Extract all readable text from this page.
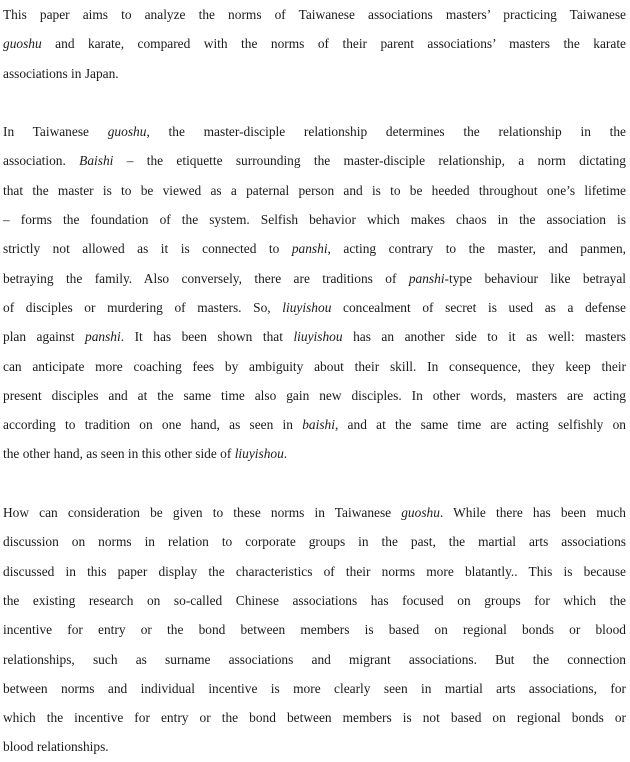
This paper aims to analyze the norms of Taiwanese associations masters’ practicing Taiwanese
guoshu and karate, compared with the norms of their parent associations’ masters the karate
associations in Japan.
In Taiwanese guoshu, the master-disciple relationship determines the relationship in the
association. Baishi – the etiquette surrounding the master-disciple relationship, a norm dictating
that the master is to be viewed as a paternal person and is to be heeded throughout one’s lifetime
– forms the foundation of the system. Selfish behavior which makes chaos in the association is
strictly not allowed as it is connected to panshi, acting contrary to the master, and panmen,
betraying the family. Also conversely, there are traditions of panshi-type behaviour like betrayal
of disciples or murdering of masters. So, liuyishou concealment of secret is used as a defense
plan against panshi. It has been shown that liuyishou has an another side to it as well: masters
can anticipate more coaching fees by ambiguity about their skill. In consequence, they keep their
present disciples and at the same time also gain new disciples. In other words, masters are acting
according to tradition on one hand, as seen in baishi, and at the same time are acting selfishly on
the other hand, as seen in this other side of liuyishou.
How can consideration be given to these norms in Taiwanese guoshu. While there has been much
discussion on norms in relation to corporate groups in the past, the martial arts associations
discussed in this paper display the characteristics of their norms more blatantly.. This is because
the existing research on so-called Chinese associations has focused on groups for which the
incentive for entry or the bond between members is based on regional bonds or blood
relationships, such as surname associations and migrant associations. But the connection
between norms and individual incentive is more clearly seen in martial arts associations, for
which the incentive for entry or the bond between members is not based on regional bonds or
blood relationships.
